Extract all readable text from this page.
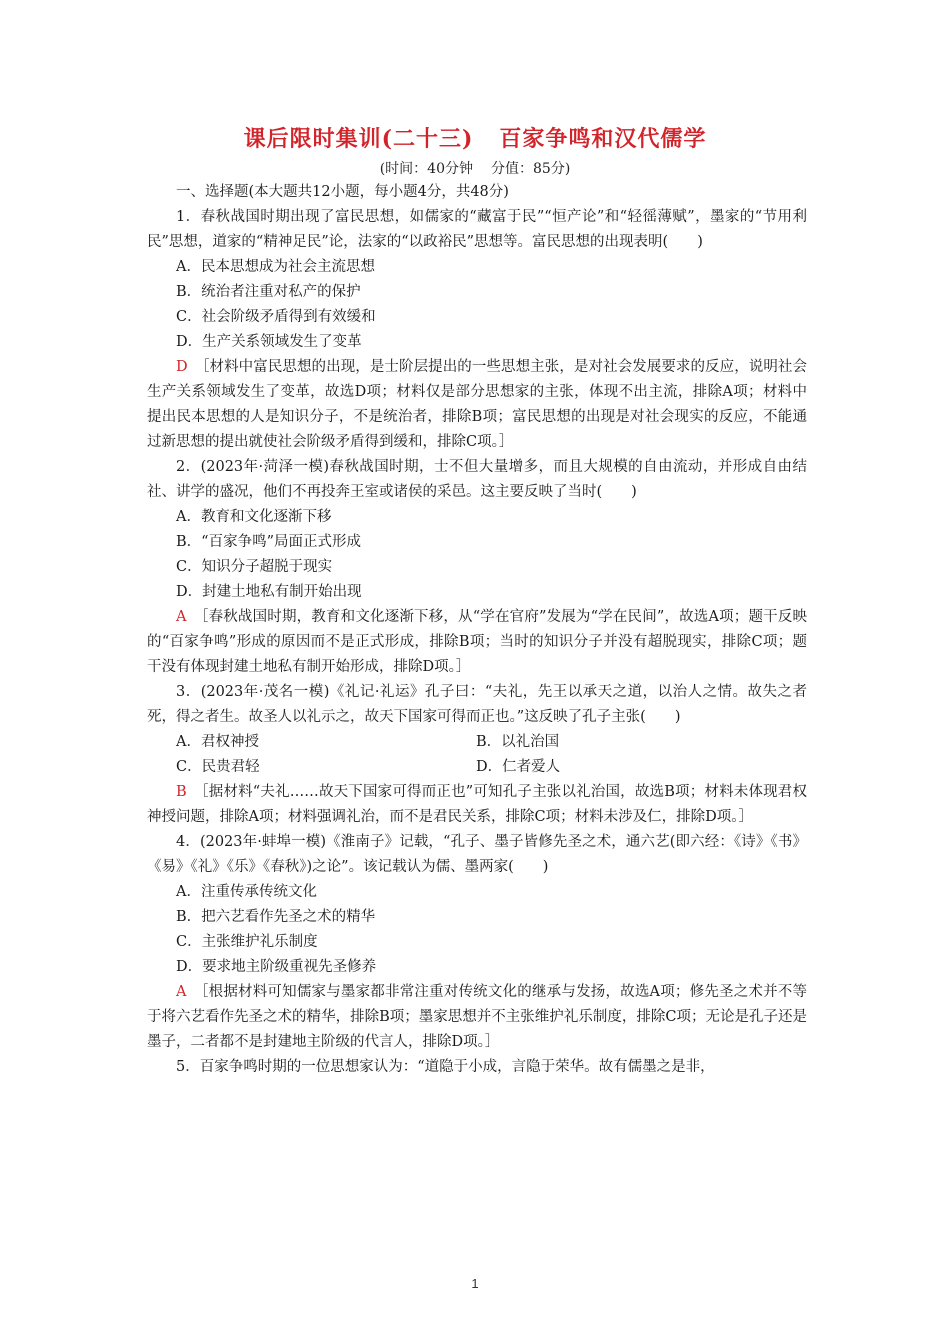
课后限时集训(二十三) 百家争鸣和汉代儒学
(时间：40分钟 分值：85分)

一、选择题(本大题共12小题，每小题4分，共48分)

1．春秋战国时期出现了富民思想，如儒家的“藏富于民”“恒产论”和“轻徭薄赋”，墨家的“节用利民”思想，道家的“精神足民”论，法家的“以政裕民”思想等。富民思想的出现表明(　　)

A．民本思想成为社会主流思想

B．统治者注重对私产的保护

C．社会阶级矛盾得到有效缓和

D．生产关系领域发生了变革

D  ［材料中富民思想的出现，是士阶层提出的一些思想主张，是对社会发展要求的反应，说明社会生产关系领域发生了变革，故选D项；材料仅是部分思想家的主张，体现不出主流，排除A项；材料中提出民本思想的人是知识分子，不是统治者，排除B项；富民思想的出现是对社会现实的反应，不能通过新思想的提出就使社会阶级矛盾得到缓和，排除C项。］

2．(2023年·菏泽一模)春秋战国时期，士不但大量增多，而且大规模的自由流动，并形成自由结社、讲学的盛况，他们不再投奔王室或诸侯的采邑。这主要反映了当时(　　)

A．教育和文化逐渐下移

B．“百家争鸣”局面正式形成

C．知识分子超脱于现实

D．封建土地私有制开始出现

A  ［春秋战国时期，教育和文化逐渐下移，从“学在官府”发展为“学在民间”，故选A项；题干反映的“百家争鸣”形成的原因而不是正式形成，排除B项；当时的知识分子并没有超脱现实，排除C项；题干没有体现封建土地私有制开始形成，排除D项。］

3．(2023年·茂名一模)《礼记·礼运》孔子曰：“夫礼，先王以承天之道，以治人之情。故失之者死，得之者生。故圣人以礼示之，故天下国家可得而正也。”这反映了孔子主张(　　)

A．君权神授	B．以礼治国
C．民贵君轻	D．仁者爱人

B  ［据材料“夫礼……故天下国家可得而正也”可知孔子主张以礼治国，故选B项；材料未体现君权神授问题，排除A项；材料强调礼治，而不是君民关系，排除C项；材料未涉及仁，排除D项。］

4．(2023年·蚌埠一模)《淮南子》记载，“孔子、墨子皆修先圣之术，通六艺(即六经：《诗》《书》《易》《礼》《乐》《春秋》)之论”。该记载认为儒、墨两家(　　)

A．注重传承传统文化

B．把六艺看作先圣之术的精华

C．主张维护礼乐制度

D．要求地主阶级重视先圣修养

A  ［根据材料可知儒家与墨家都非常注重对传统文化的继承与发扬，故选A项；修先圣之术并不等于将六艺看作先圣之术的精华，排除B项；墨家思想并不主张维护礼乐制度，排除C项；无论是孔子还是墨子，二者都不是封建地主阶级的代言人，排除D项。］

5．百家争鸣时期的一位思想家认为：“道隐于小成，言隐于荣华。故有儒墨之是非，

1
